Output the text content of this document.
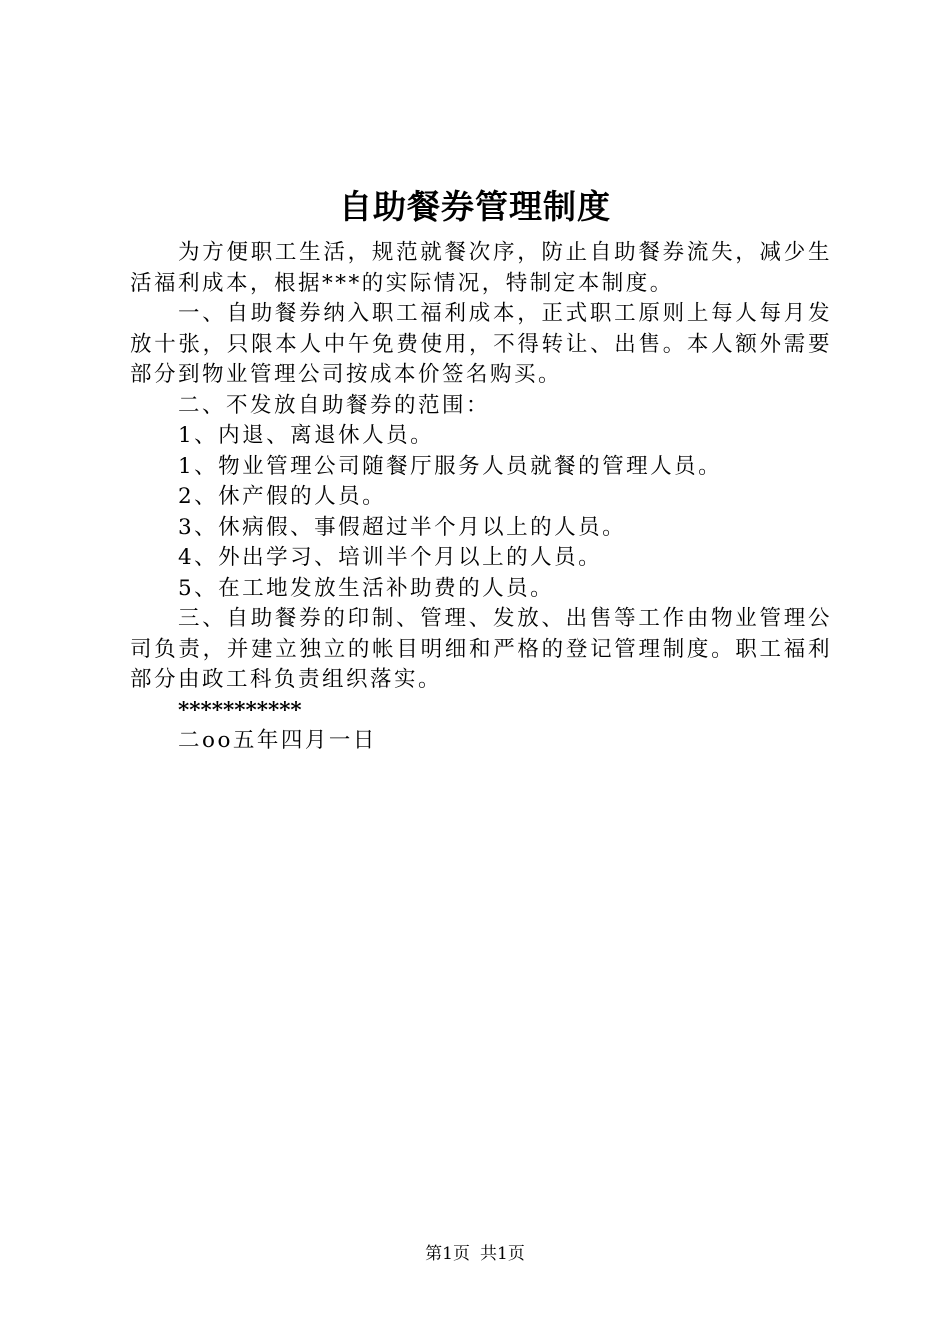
自助餐券管理制度

为方便职工生活，规范就餐次序，防止自助餐券流失，减少生活福利成本，根据***的实际情况，特制定本制度。

一、自助餐券纳入职工福利成本，正式职工原则上每人每月发放十张，只限本人中午免费使用，不得转让、出售。本人额外需要部分到物业管理公司按成本价签名购买。

二、不发放自助餐券的范围：

1、内退、离退休人员。

1、物业管理公司随餐厅服务人员就餐的管理人员。

2、休产假的人员。

3、休病假、事假超过半个月以上的人员。

4、外出学习、培训半个月以上的人员。

5、在工地发放生活补助费的人员。

三、自助餐券的印制、管理、发放、出售等工作由物业管理公司负责，并建立独立的帐目明细和严格的登记管理制度。职工福利部分由政工科负责组织落实。

***********

二oo五年四月一日

第1页 共1页
